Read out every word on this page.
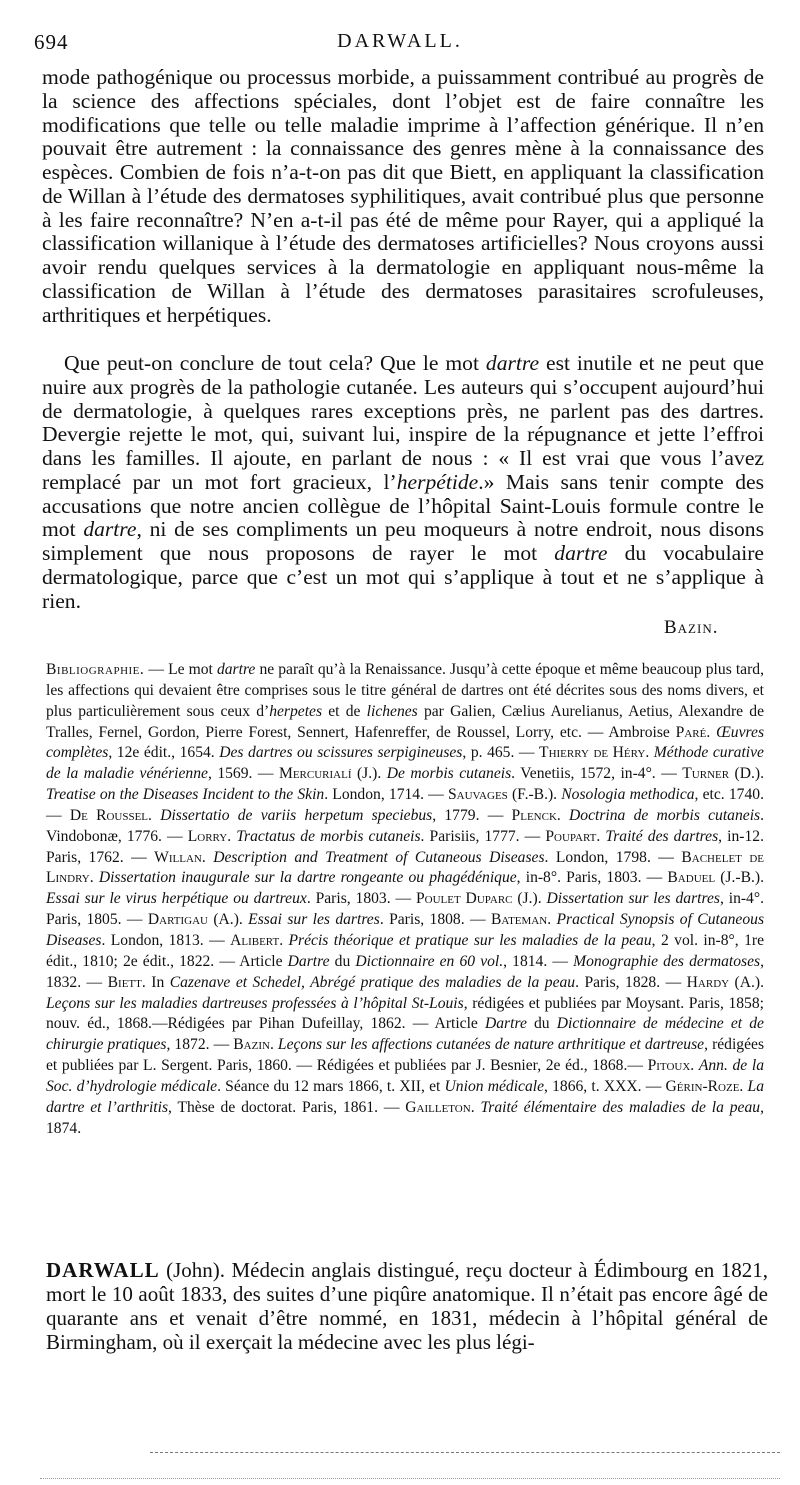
694	DARWALL.

mode pathogénique ou processus morbide, a puissamment contribué au progrès de la science des affections spéciales, dont l’objet est de faire connaître les modifications que telle ou telle maladie imprime à l’affection générique. Il n’en pouvait être autrement : la connaissance des genres mène à la connaissance des espèces. Combien de fois n’a-t-on pas dit que Biett, en appliquant la classification de Willan à l’étude des dermatoses syphilitiques, avait contribué plus que personne à les faire reconnaître? N’en a-t-il pas été de même pour Rayer, qui a appliqué la classification willanique à l’étude des dermatoses artificielles? Nous croyons aussi avoir rendu quelques services à la dermatologie en appliquant nous-même la classification de Willan à l’étude des dermatoses parasitaires scrofuleuses, arthritiques et herpétiques.

Que peut-on conclure de tout cela? Que le mot dartre est inutile et ne peut que nuire aux progrès de la pathologie cutanée. Les auteurs qui s’occupent aujourd’hui de dermatologie, à quelques rares exceptions près, ne parlent pas des dartres. Devergie rejette le mot, qui, suivant lui, inspire de la répugnance et jette l’effroi dans les familles. Il ajoute, en parlant de nous : « Il est vrai que vous l’avez remplacé par un mot fort gracieux, l’herpétide.» Mais sans tenir compte des accusations que notre ancien collègue de l’hôpital Saint-Louis formule contre le mot dartre, ni de ses compliments un peu moqueurs à notre endroit, nous disons simplement que nous proposons de rayer le mot dartre du vocabulaire dermatologique, parce que c’est un mot qui s’applique à tout et ne s’applique à rien.

Bazin.

Bibliographie. — Le mot dartre ne paraît qu’à la Renaissance. Jusqu’à cette époque et même beaucoup plus tard, les affections qui devaient être comprises sous le titre général de dartres ont été décrites sous des noms divers, et plus particulièrement sous ceux d’herpetes et de lichenes par Galien, Cælius Aurelianus, Aetius, Alexandre de Tralles, Fernel, Gordon, Pierre Forest, Sennert, Hafenreffer, de Roussel, Lorry, etc. — Ambroise Paré. Œuvres complètes, 12e édit., 1654. Des dartres ou scissures serpigineuses, p. 465. — Thierry de Héry. Méthode curative de la maladie vénérienne, 1569. — Mercurialí (J.). De morbis cutaneis. Venetiis, 1572, in-4°. — Turner (D.). Treatise on the Diseases Incident to the Skin. London, 1714. — Sauvages (F.-B.). Nosologia methodica, etc. 1740. — De Roussel. Dissertatio de variis herpetum speciebus, 1779. — Plenck. Doctrina de morbis cutaneis. Vindobonæ, 1776. — Lorry. Tractatus de morbis cutaneis. Parisiis, 1777. — Poupart. Traité des dartres, in-12. Paris, 1762. — Willan. Description and Treatment of Cutaneous Diseases. London, 1798. — Bachelet de Lindry. Dissertation inaugurale sur la dartre rongeante ou phagédénique, in-8°. Paris, 1803. — Baduel (J.-B.). Essai sur le virus herpétique ou dartreux. Paris, 1803. — Poulet Duparc (J.). Dissertation sur les dartres, in-4°. Paris, 1805. — Dartigau (A.). Essai sur les dartres. Paris, 1808. — Bateman. Practical Synopsis of Cutaneous Diseases. London, 1813. — Alibert. Précis théorique et pratique sur les maladies de la peau, 2 vol. in-8°, 1re édit., 1810; 2e édit., 1822. — Article Dartre du Dictionnaire en 60 vol., 1814. — Monographie des dermatoses, 1832. — Biett. In Cazenave et Schedel, Abrégé pratique des maladies de la peau. Paris, 1828. — Hardy (A.). Leçons sur les maladies dartreuses professées à l’hôpital St-Louis, rédigées et publiées par Moysant. Paris, 1858; nouv. éd., 1868.—Rédigées par Pihan Dufeillay, 1862. — Article Dartre du Dictionnaire de médecine et de chirurgie pratiques, 1872. — Bazin. Leçons sur les affections cutanées de nature arthritique et dartreuse, rédigées et publiées par L. Sergent. Paris, 1860. — Rédigées et publiées par J. Besnier, 2e éd., 1868.— Pitoux. Ann. de la Soc. d’hydrologie médicale. Séance du 12 mars 1866, t. XII, et Union médicale, 1866, t. XXX. — Gérin-Roze. La dartre et l’arthritis, Thèse de doctorat. Paris, 1861. — Gailleton. Traité élémentaire des maladies de la peau, 1874.

DARWALL (John). Médecin anglais distingué, reçu docteur à Édimbourg en 1821, mort le 10 août 1833, des suites d’une piqûre anatomique. Il n’était pas encore âgé de quarante ans et venait d’être nommé, en 1831, médecin à l’hôpital général de Birmingham, où il exerçait la médecine avec les plus légi-
